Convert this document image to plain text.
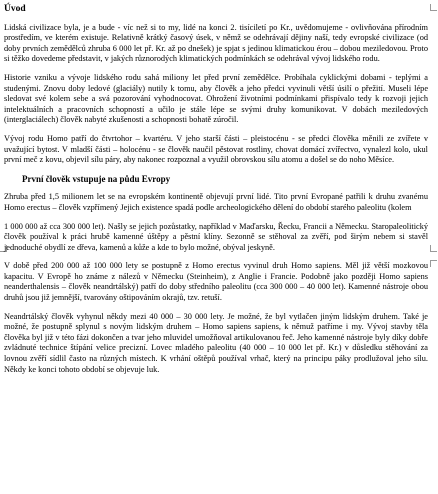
Úvod

Lidská civilizace byla, je a bude - víc než si to my, lidé na konci 2. tisíciletí po Kr., uvědomujeme - ovlivňována přírodním prostředím, ve kterém existuje. Relativně krátký časový úsek, v němž se odehrávají dějiny naší, tedy evropské civilizace (od doby prvních zemědělců zhruba 6 000 let př. Kr. až po dnešek) je spjat s jedinou klimatickou érou – dobou meziledovou. Proto si těžko dovedeme představit, v jakých různorodých klimatických podmínkách se odehrával vývoj lidského rodu.

Historie vzniku a vývoje lidského rodu sahá miliony let před první zemědělce. Probíhala cyklickými dobami - teplými a studenými. Znovu doby ledové (glaciály) nutily k tomu, aby člověk a jeho předci vyvinuli větší úsilí o přežití. Museli lépe sledovat své kolem sebe a svá pozorování vyhodnocovat. Ohrožení životními podmínkami přispívalo tedy k rozvoji jejich intelektuálních a pracovních schopností a učilo je stále lépe se svými druhy komunikovat. V dobách meziledových (interglaciálech) člověk nabyté zkušenosti a schopnosti bohatě zúročil.

Vývoj rodu Homo patří do čtvrtohor – kvartéru. V jeho starší části – pleistocénu - se předci člověka měnili ze zvířete v uvažující bytost. V mladší části – holocénu - se člověk naučil pěstovat rostliny, chovat domácí zvířectvo, vynalezl kolo, ukul první meč z kovu, objevil sílu páry, aby nakonec rozpoznal a využil obrovskou sílu atomu a došel se do noho Měsíce.

První člověk vstupuje na půdu Evropy

Zhruba před 1,5 milionem let se na evropském kontinentě objevují první lidé. Tito první Evropané patřili k druhu zvanému Homo erectus – člověk vzpřímený Jejich existence spadá podle archeologického dělení do období starého paleolitu (kolem

1 000 000 až cca 300 000 let). Našly se jejich pozůstatky, například v Maďarsku, Řecku, Francii a Německu. Staropaleolitický člověk používal k práci hrubě kamenné úštěpy a pěstní klíny. Sezonně se stěhoval za zvěří, pod širým nebem si stavěl jednoduché obydlí ze dřeva, kamenů a kůže a kde to bylo možné, obýval jeskyně.

V době před 200 000 až 100 000 lety se postupně z Homo erectus vyvinul druh Homo sapiens. Měl již větší mozkovou kapacitu. V Evropě ho známe z nálezů v Německu (Steinheim), z Anglie i Francie. Podobně jako později Homo sapiens neanderthalensis – člověk neandrtálský) patří do doby středního paleolitu (cca 300 000 – 40 000 let). Kamenné nástroje obou druhů jsou již jemnější, tvarovány oštipováním okrajů, tzv. retuší.

Neandrtálský člověk vyhynul někdy mezi 40 000 – 30 000 lety. Je možné, že byl vytlačen jiným lidským druhem. Také je možné, že postupně splynul s novým lidským druhem – Homo sapiens sapiens, k němuž patříme i my. Vývoj stavby těla člověka byl již v této fázi dokončen a tvar jeho mluvidel umožňoval artikulovanou řeč. Jeho kamenné nástroje byly díky dobře zvládnuté technice štípání velice precizní. Lovec mladého paleolitu (40 000 – 10 000 let př. Kr.) v důsledku stěhování za lovnou zvěří sídlil často na různých místech. K vrhání oštěpů používal vrhač, který na principu páky prodlužoval jeho sílu. Někdy ke konci tohoto období se objevuje luk.
